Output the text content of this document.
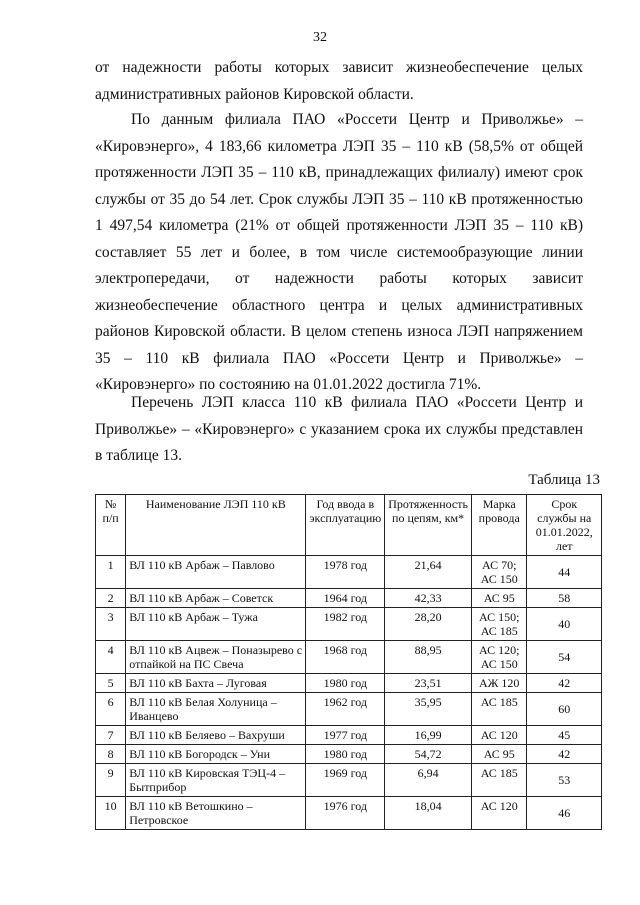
32

от надежности работы которых зависит жизнеобеспечение целых административных районов Кировской области.

По данным филиала ПАО «Россети Центр и Приволжье» – «Кировэнерго», 4 183,66 километра ЛЭП 35 – 110 кВ (58,5% от общей протяженности ЛЭП 35 – 110 кВ, принадлежащих филиалу) имеют срок службы от 35 до 54 лет. Срок службы ЛЭП 35 – 110 кВ протяженностью 1 497,54 километра (21% от общей протяженности ЛЭП 35 – 110 кВ) составляет 55 лет и более, в том числе системообразующие линии электропередачи, от надежности работы которых зависит жизнеобеспечение областного центра и целых административных районов Кировской области. В целом степень износа ЛЭП напряжением 35 – 110 кВ филиала ПАО «Россети Центр и Приволжье» – «Кировэнерго» по состоянию на 01.01.2022 достигла 71%.

Перечень ЛЭП класса 110 кВ филиала ПАО «Россети Центр и Приволжье» – «Кировэнерго» с указанием срока их службы представлен в таблице 13.

Таблица 13
№ п/п	Наименование ЛЭП 110 кВ	Год ввода в эксплуатацию	Протяженность по цепям, км*	Марка провода	Срок службы на 01.01.2022, лет
1	ВЛ 110 кВ Арбаж – Павлово	1978 год	21,64	АС 70; АС 150	44
2	ВЛ 110 кВ Арбаж – Советск	1964 год	42,33	АС 95	58
3	ВЛ 110 кВ Арбаж – Тужа	1982 год	28,20	АС 150; АС 185	40
4	ВЛ 110 кВ Ацвеж – Поназырево с отпайкой на ПС Свеча	1968 год	88,95	АС 120; АС 150	54
5	ВЛ 110 кВ Бахта – Луговая	1980 год	23,51	АЖ 120	42
6	ВЛ 110 кВ Белая Холуница – Иванцево	1962 год	35,95	АС 185	60
7	ВЛ 110 кВ Беляево – Вахруши	1977 год	16,99	АС 120	45
8	ВЛ 110 кВ Богородск – Уни	1980 год	54,72	АС 95	42
9	ВЛ 110 кВ Кировская ТЭЦ-4 – Бытприбор	1969 год	6,94	АС 185	53
10	ВЛ 110 кВ Ветошкино – Петровское	1976 год	18,04	АС 120	46
